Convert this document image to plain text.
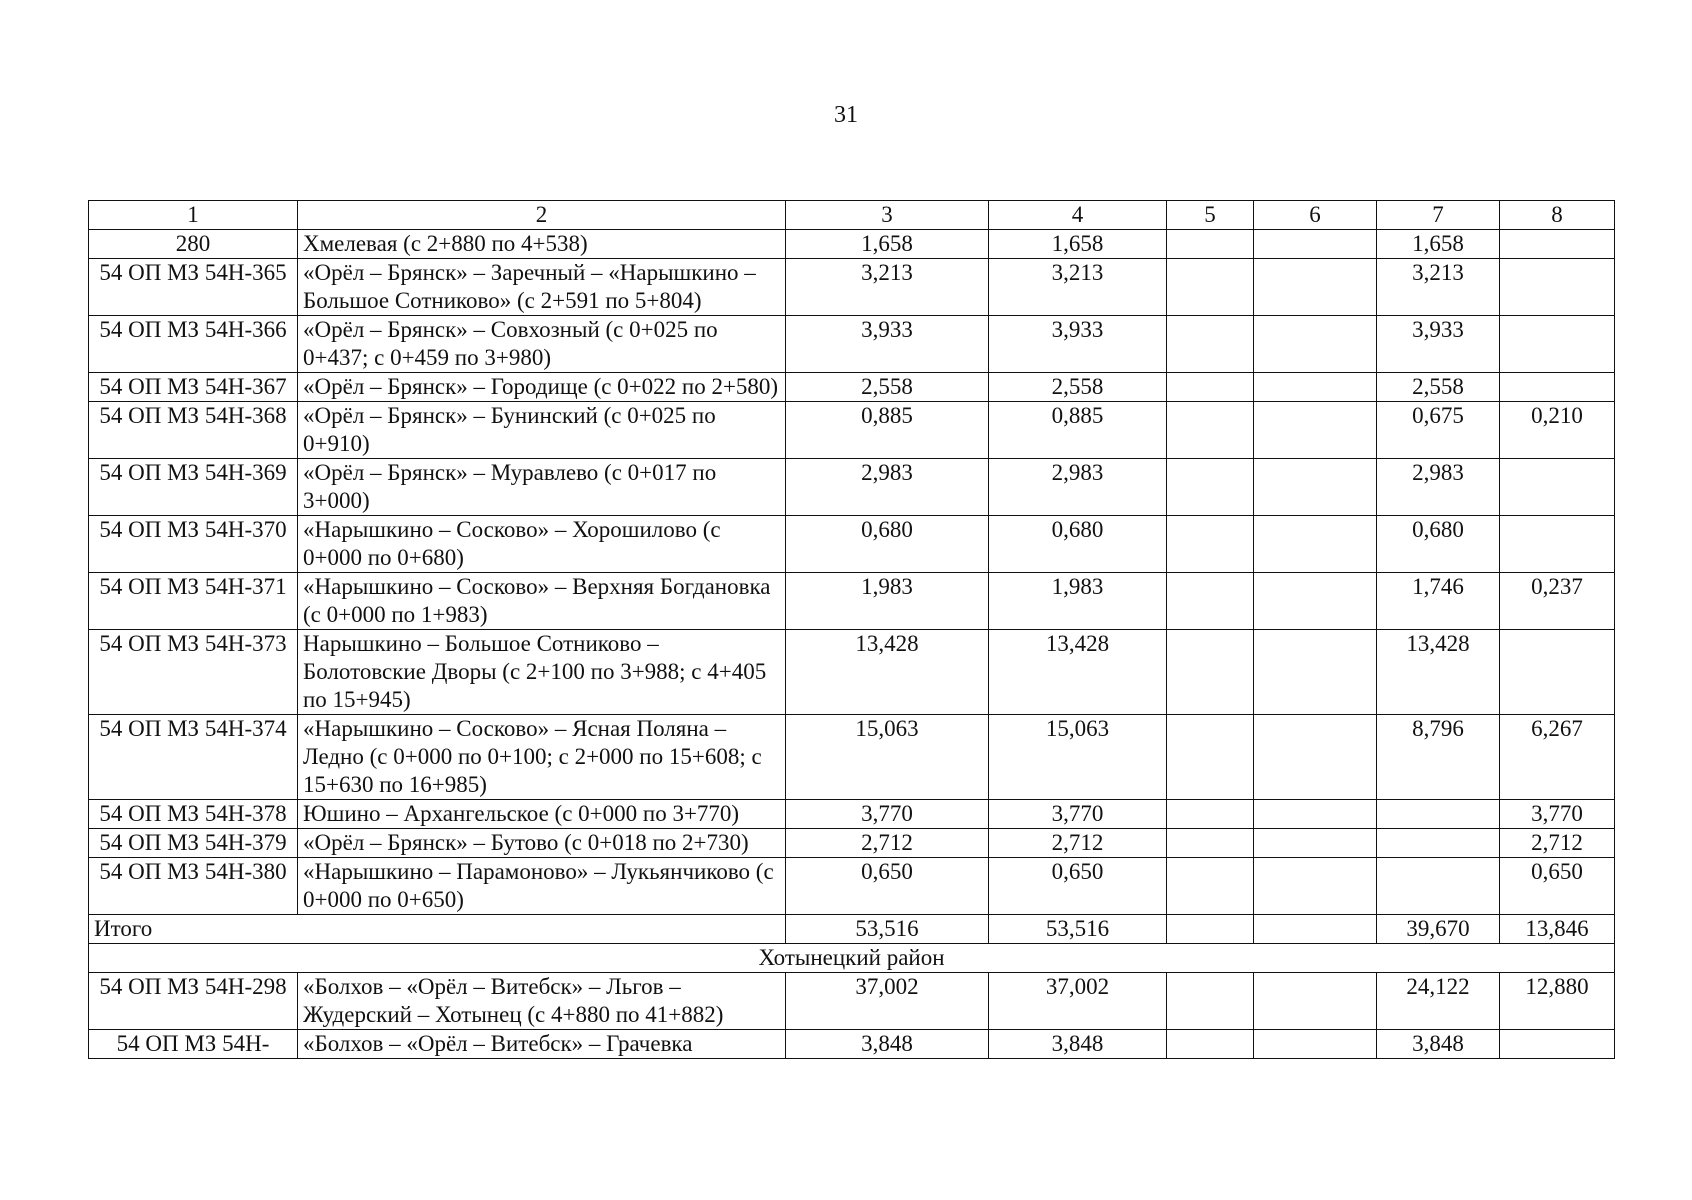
31
1	2	3	4	5	6	7	8
280	Хмелевая (с 2+880 по 4+538)	1,658	1,658			1,658	
54 ОП МЗ 54Н-365	«Орёл – Брянск» – Заречный – «Нарышкино – Большое Сотниково» (с 2+591 по 5+804)	3,213	3,213			3,213	
54 ОП МЗ 54Н-366	«Орёл – Брянск» – Совхозный (с 0+025 по 0+437; с 0+459 по 3+980)	3,933	3,933			3,933	
54 ОП МЗ 54Н-367	«Орёл – Брянск» – Городище (с 0+022 по 2+580)	2,558	2,558			2,558	
54 ОП МЗ 54Н-368	«Орёл – Брянск» – Бунинский (с 0+025 по 0+910)	0,885	0,885			0,675	0,210
54 ОП МЗ 54Н-369	«Орёл – Брянск» – Муравлево (с 0+017 по 3+000)	2,983	2,983			2,983	
54 ОП МЗ 54Н-370	«Нарышкино – Сосково» – Хорошилово (с 0+000 по 0+680)	0,680	0,680			0,680	
54 ОП МЗ 54Н-371	«Нарышкино – Сосково» – Верхняя Богдановка (с 0+000 по 1+983)	1,983	1,983			1,746	0,237
54 ОП МЗ 54Н-373	Нарышкино – Большое Сотниково – Болотовские Дворы (с 2+100 по 3+988; с 4+405 по 15+945)	13,428	13,428			13,428	
54 ОП МЗ 54Н-374	«Нарышкино – Сосково» – Ясная Поляна – Ледно (с 0+000 по 0+100; с 2+000 по 15+608; с 15+630 по 16+985)	15,063	15,063			8,796	6,267
54 ОП МЗ 54Н-378	Юшино – Архангельское (с 0+000 по 3+770)	3,770	3,770				3,770
54 ОП МЗ 54Н-379	«Орёл – Брянск» – Бутово (с 0+018 по 2+730)	2,712	2,712				2,712
54 ОП МЗ 54Н-380	«Нарышкино – Парамоново» – Лукьянчиково (с 0+000 по 0+650)	0,650	0,650				0,650
Итого		53,516	53,516			39,670	13,846
Хотынецкий район							
54 ОП МЗ 54Н-298	«Болхов – «Орёл – Витебск» – Льгов – Жудерский – Хотынец (с 4+880 по 41+882)	37,002	37,002			24,122	12,880
54 ОП МЗ 54Н-	«Болхов – «Орёл – Витебск» – Грачевка	3,848	3,848			3,848	
